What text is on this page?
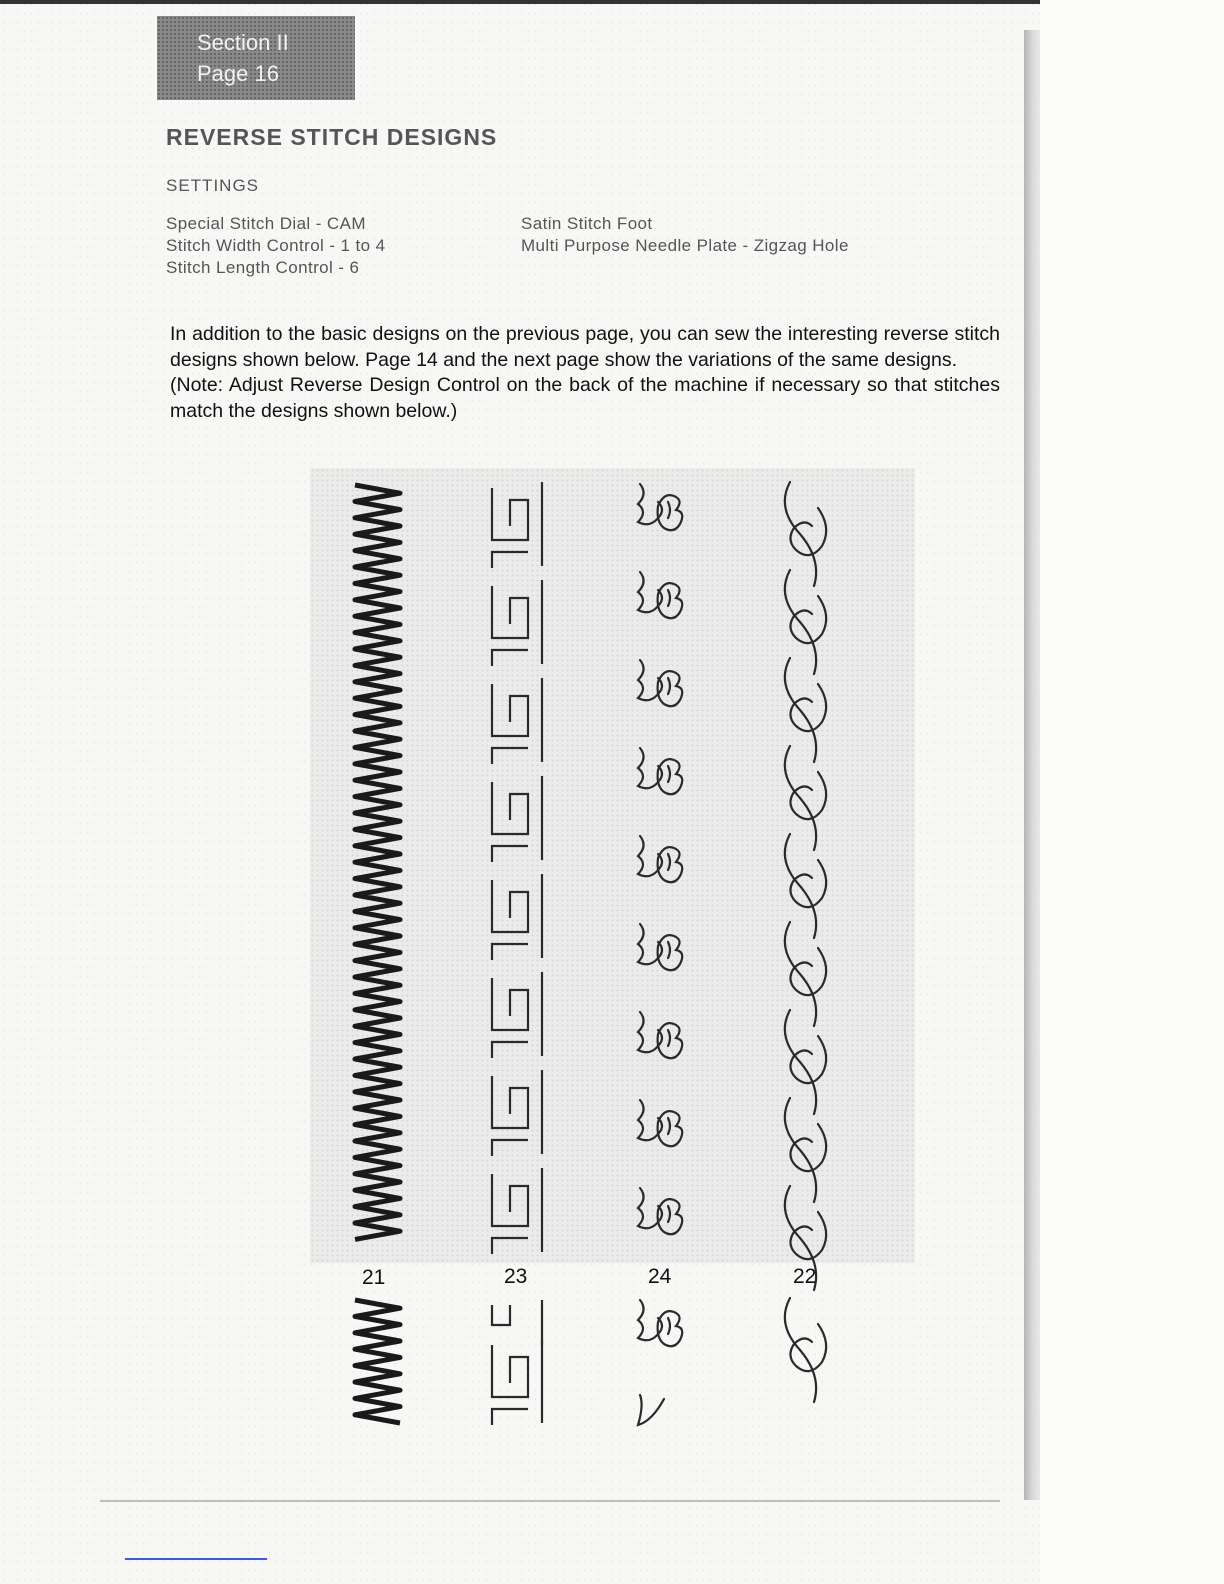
Section II
Page 16
REVERSE STITCH DESIGNS
SETTINGS
Special Stitch Dial - CAM
Stitch Width Control - 1 to 4
Stitch Length Control - 6
Satin Stitch Foot
Multi Purpose Needle Plate - Zigzag Hole

In addition to the basic designs on the previous page, you can sew the interesting reverse stitch designs shown below. Page 14 and the next page show the variations of the same designs.

(Note: Adjust Reverse Design Control on the back of the machine if necessary so that stitches match the designs shown below.)

21	23	24	22
